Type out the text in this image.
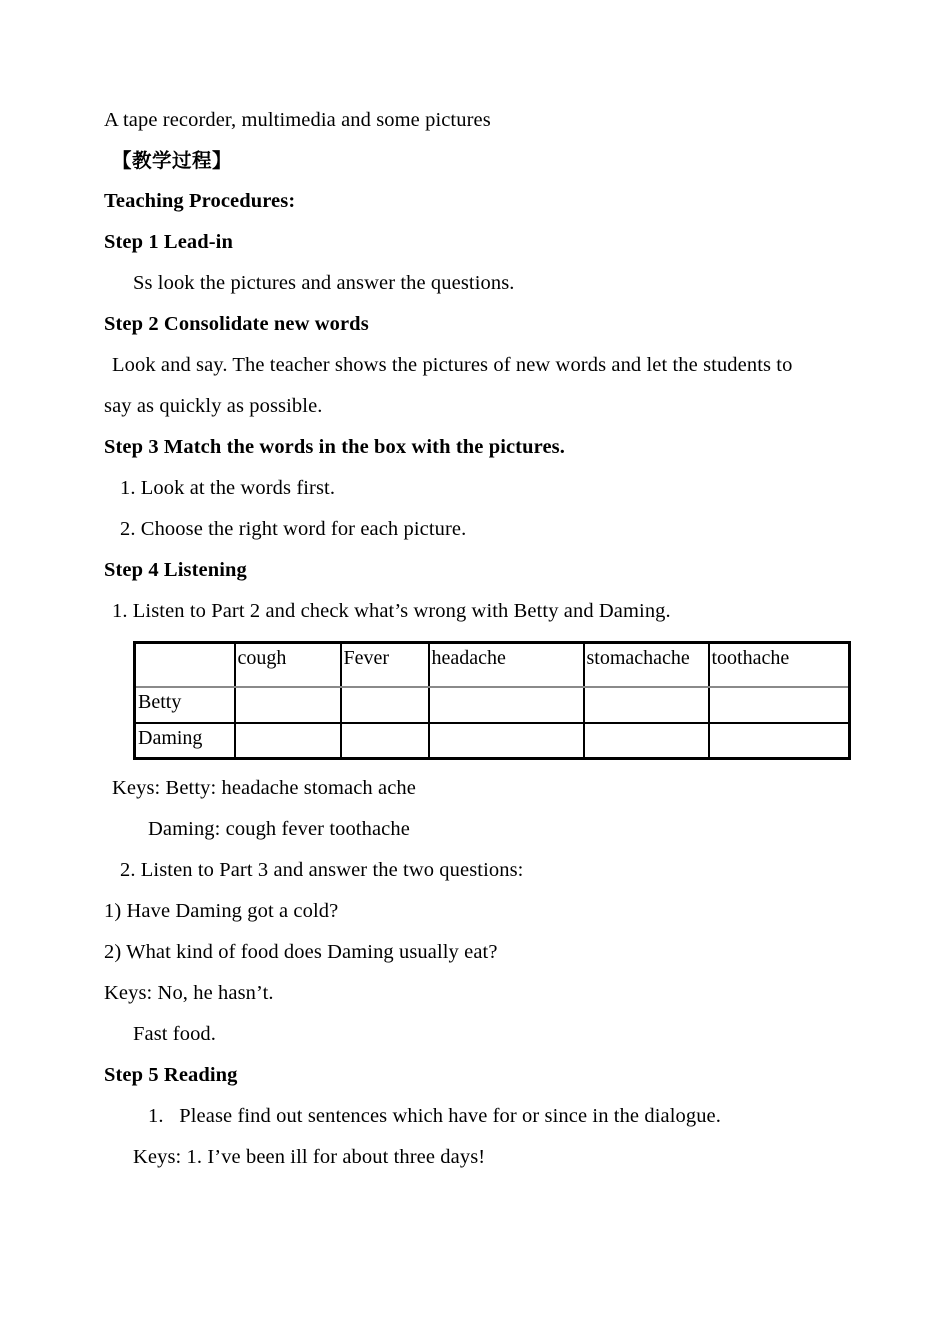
A tape recorder, multimedia and some pictures
【教学过程】
Teaching Procedures:
Step 1 Lead-in
Ss look the pictures and answer the questions.
Step 2 Consolidate new words
Look and say. The teacher shows the pictures of new words and let the students to
say as quickly as possible.
Step 3 Match the words in the box with the pictures.
1. Look at the words first.
2. Choose the right word for each picture.
Step 4 Listening
1. Listen to Part 2 and check what’s wrong with Betty and Daming.
	cough	Fever	headache	stomachache	toothache
Betty					
Daming					
Keys: Betty: headache stomach ache
Daming: cough fever toothache
2. Listen to Part 3 and answer the two questions:
1) Have Daming got a cold?
2) What kind of food does Daming usually eat?
Keys: No, he hasn’t.
Fast food.
Step 5 Reading
1.   Please find out sentences which have for or since in the dialogue.
Keys: 1. I’ve been ill for about three days!
